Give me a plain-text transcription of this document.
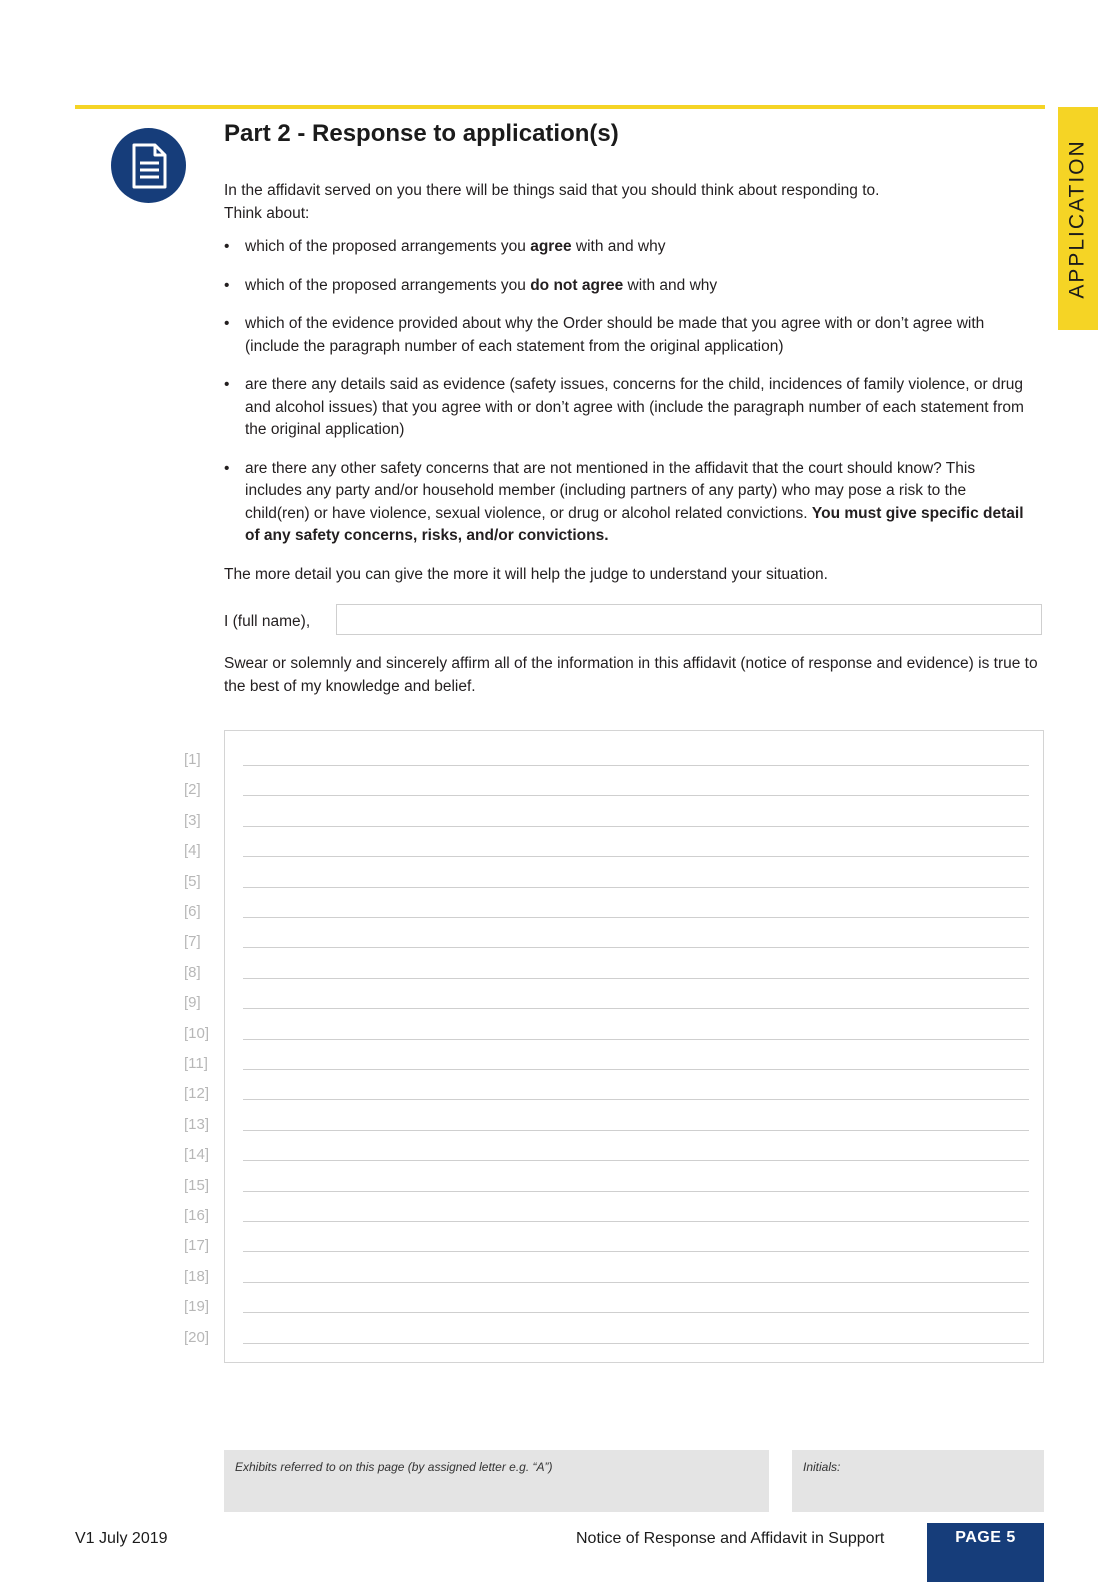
APPLICATION
Part 2 - Response to application(s)
In the affidavit served on you there will be things said that you should think about responding to.
Think about:
• which of the proposed arrangements you agree with and why
• which of the proposed arrangements you do not agree with and why
• which of the evidence provided about why the Order should be made that you agree with or don’t agree with (include the paragraph number of each statement from the original application)
• are there any details said as evidence (safety issues, concerns for the child, incidences of family violence, or drug and alcohol issues) that you agree with or don’t agree with (include the paragraph number of each statement from the original application)
• are there any other safety concerns that are not mentioned in the affidavit that the court should know? This includes any party and/or household member (including partners of any party) who may pose a risk to the child(ren) or have violence, sexual violence, or drug or alcohol related convictions. You must give specific detail of any safety concerns, risks, and/or convictions.
The more detail you can give the more it will help the judge to understand your situation.
I (full name),
Swear or solemnly and sincerely affirm all of the information in this affidavit (notice of response and evidence) is true to the best of my knowledge and belief.
[1]
[2]
[3]
[4]
[5]
[6]
[7]
[8]
[9]
[10]
[11]
[12]
[13]
[14]
[15]
[16]
[17]
[18]
[19]
[20]
Exhibits referred to on this page (by assigned letter e.g. “A”)	Initials:
V1 July 2019	Notice of Response and Affidavit in Support	PAGE 5
